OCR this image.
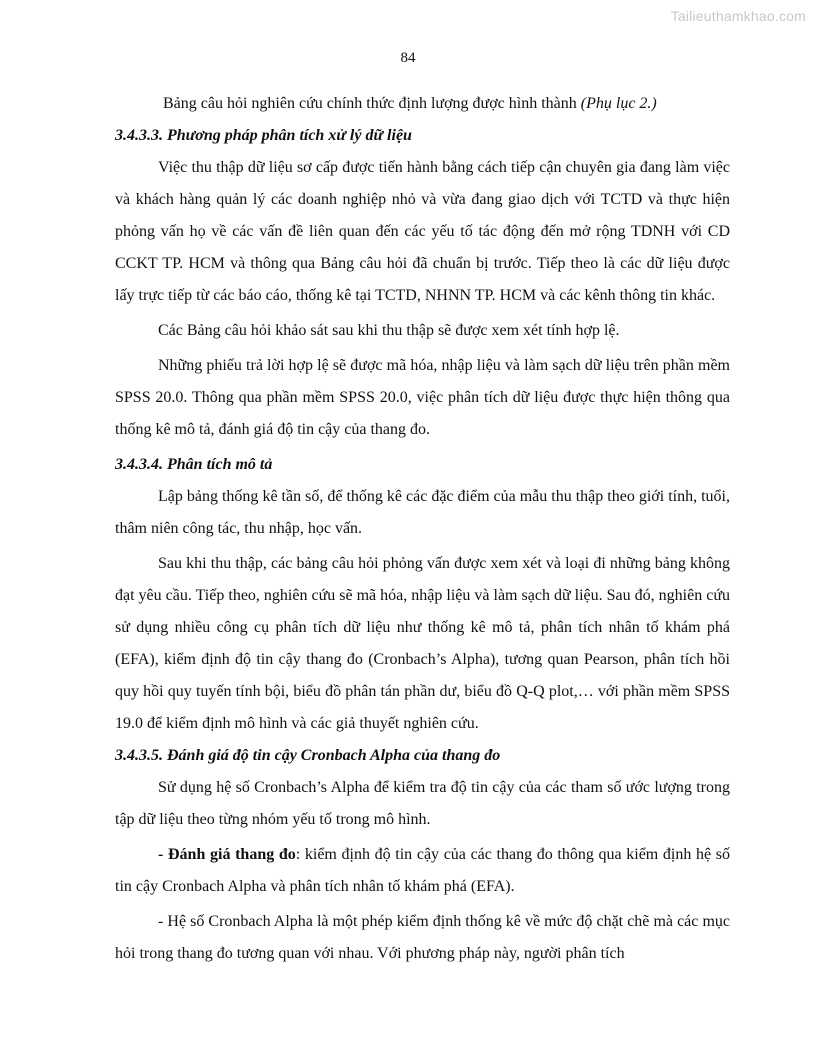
Tailieuthamkhao.com
84

Bảng câu hỏi nghiên cứu chính thức định lượng được hình thành (Phụ lục 2.)

3.4.3.3. Phương pháp phân tích xử lý dữ liệu

Việc thu thập dữ liệu sơ cấp được tiến hành bằng cách tiếp cận chuyên gia đang làm việc và khách hàng quản lý các doanh nghiệp nhỏ và vừa đang giao dịch với TCTD và thực hiện phỏng vấn họ về các vấn đề liên quan đến các yếu tố tác động đến mở rộng TDNH với CD CCKT TP. HCM và thông qua Bảng câu hỏi đã chuẩn bị trước. Tiếp theo là các dữ liệu được lấy trực tiếp từ các báo cáo, thống kê tại TCTD, NHNN TP. HCM và các kênh thông tin khác.

Các Bảng câu hỏi khảo sát sau khi thu thập sẽ được xem xét tính hợp lệ.

Những phiếu trả lời hợp lệ sẽ được mã hóa, nhập liệu và làm sạch dữ liệu trên phần mềm SPSS 20.0. Thông qua phần mềm SPSS 20.0, việc phân tích dữ liệu được thực hiện thông qua thống kê mô tả, đánh giá độ tin cậy của thang đo.

3.4.3.4. Phân tích mô tả

Lập bảng thống kê tần số, để thống kê các đặc điểm của mẫu thu thập theo giới tính, tuổi, thâm niên công tác, thu nhập, học vấn.

Sau khi thu thập, các bảng câu hỏi phỏng vấn được xem xét và loại đi những bảng không đạt yêu cầu. Tiếp theo, nghiên cứu sẽ mã hóa, nhập liệu và làm sạch dữ liệu. Sau đó, nghiên cứu sử dụng nhiều công cụ phân tích dữ liệu như thống kê mô tả, phân tích nhân tố khám phá (EFA), kiểm định độ tin cậy thang đo (Cronbach’s Alpha), tương quan Pearson, phân tích hồi quy hồi quy tuyến tính bội, biểu đồ phân tán phần dư, biểu đồ Q-Q plot,… với phần mềm SPSS 19.0 để kiểm định mô hình và các giả thuyết nghiên cứu.

3.4.3.5. Đánh giá độ tin cậy Cronbach Alpha của thang đo

Sử dụng hệ số Cronbach’s Alpha để kiểm tra độ tin cậy của các tham số ước lượng trong tập dữ liệu theo từng nhóm yếu tố trong mô hình.

- Đánh giá thang đo: kiểm định độ tin cậy của các thang đo thông qua kiểm định hệ số tin cậy Cronbach Alpha và phân tích nhân tố khám phá (EFA).

- Hệ số Cronbach Alpha là một phép kiểm định thống kê về mức độ chặt chẽ mà các mục hỏi trong thang đo tương quan với nhau. Với phương pháp này, người phân tích
